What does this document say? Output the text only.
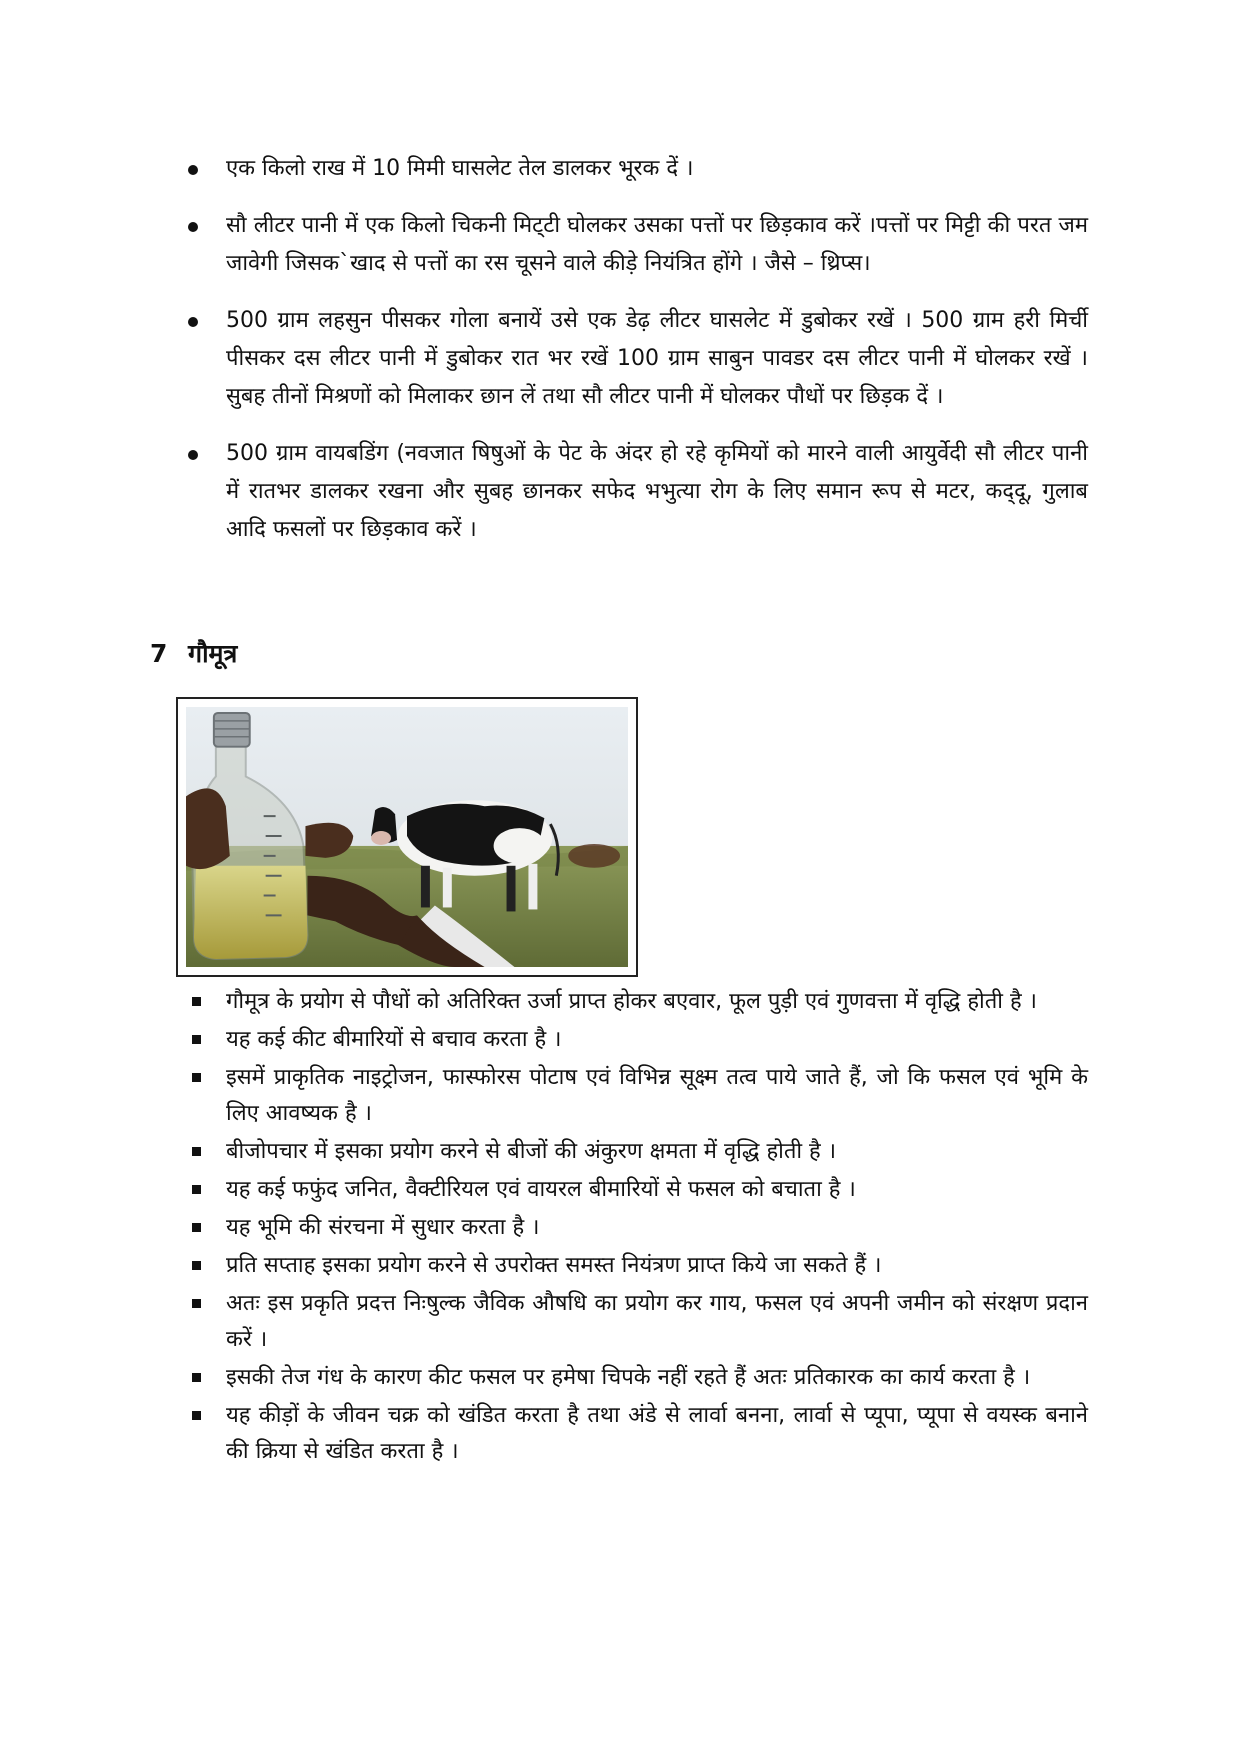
एक किलो राख में 10 मिमी घासलेट तेल डालकर भूरक दें ।
सौ लीटर पानी में एक किलो चिकनी मिट्‌टी घोलकर उसका पत्तों पर छिड़काव करें ।पत्तों पर मिट्टी की परत जम जावेगी जिसक`खाद से पत्तों का रस चूसने वाले कीड़े नियंत्रित होंगे । जैसे – थ्रिप्स।
500 ग्राम लहसुन पीसकर गोला बनायें उसे एक डेढ़ लीटर घासलेट में डुबोकर रखें । 500 ग्राम हरी मिर्ची पीसकर दस लीटर पानी में डुबोकर रात भर रखें 100 ग्राम साबुन पावडर दस लीटर पानी में घोलकर रखें । सुबह तीनों मिश्रणों को मिलाकर छान लें तथा सौ लीटर पानी में घोलकर पौधों पर छिड़क दें ।
500 ग्राम वायबडिंग (नवजात षिषुओं के पेट के अंदर हो रहे कृमियों को मारने वाली आयुर्वेदी सौ लीटर पानी में रातभर डालकर रखना और सुबह छानकर सफेद भभुत्या रोग के लिए समान रूप से मटर, कद्‌दू, गुलाब आदि फसलों पर छिड़काव करें ।
7 गौमूत्र
गौमूत्र के प्रयोग से पौधों को अतिरिक्त उर्जा प्राप्त होकर बएवार, फूल पुड़ी एवं गुणवत्ता में वृद्धि होती है ।
यह कई कीट बीमारियों से बचाव करता है ।
इसमें प्राकृतिक नाइट्रोजन, फास्फोरस पोटाष एवं विभिन्न सूक्ष्म तत्व पाये जाते हैं, जो कि फसल एवं भूमि के लिए आवष्यक है ।
बीजोपचार में इसका प्रयोग करने से बीजों की अंकुरण क्षमता में वृद्धि होती है ।
यह कई फफुंद जनित, वैक्टीरियल एवं वायरल बीमारियों से फसल को बचाता है ।
यह भूमि की संरचना में सुधार करता है ।
प्रति सप्ताह इसका प्रयोग करने से उपरोक्त समस्त नियंत्रण प्राप्त किये जा सकते हैं ।
अतः इस प्रकृति प्रदत्त निःषुल्क जैविक औषधि का प्रयोग कर गाय, फसल एवं अपनी जमीन को संरक्षण प्रदान करें ।
इसकी तेज गंध के कारण कीट फसल पर हमेषा चिपके नहीं रहते हैं अतः प्रतिकारक का कार्य करता है ।
यह कीड़ों के जीवन चक्र को खंडित करता है तथा अंडे से लार्वा बनना, लार्वा से प्यूपा, प्यूपा से वयस्क बनाने की क्रिया से खंडित करता है ।
